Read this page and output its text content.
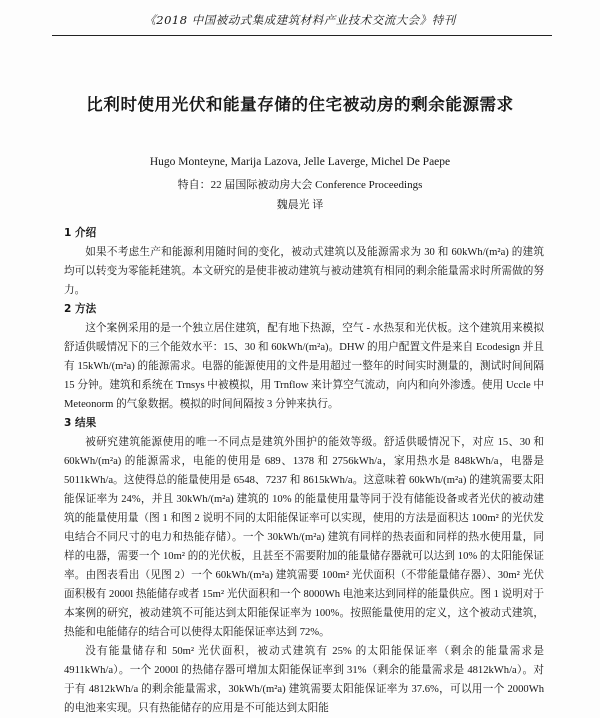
《2018 中国被动式集成建筑材料产业技术交流大会》特刊
比利时使用光伏和能量存储的住宅被动房的剩余能源需求
Hugo Monteyne, Marija Lazova, Jelle Laverge, Michel De Paepe
特自：22 届国际被动房大会 Conference Proceedings
魏晨光 译

1 介绍

如果不考虑生产和能源利用随时间的变化，被动式建筑以及能源需求为 30 和 60kWh/(m²a) 的建筑均可以转变为零能耗建筑。本文研究的是使非被动建筑与被动建筑有相同的剩余能量需求时所需做的努力。

2 方法

这个案例采用的是一个独立居住建筑，配有地下热源，空气 - 水热泵和光伏板。这个建筑用来模拟舒适供暖情况下的三个能效水平：15、30 和 60kWh/(m²a)。DHW 的用户配置文件是来自 Ecodesign 并且有 15kWh/(m²a) 的能源需求。电器的能源使用的文件是用超过一整年的时间实时测量的，测试时间间隔 15 分钟。建筑和系统在 Trnsys 中被模拟，用 Trnflow 来计算空气流动，向内和向外渗透。使用 Uccle 中 Meteonorm 的气象数据。模拟的时间间隔按 3 分钟来执行。

3 结果

被研究建筑能源使用的唯一不同点是建筑外围护的能效等级。舒适供暖情况下，对应 15、30 和 60kWh/(m²a) 的能源需求，电能的使用是 689、1378 和 2756kWh/a，家用热水是 848kWh/a，电器是 5011kWh/a。这使得总的能量使用是 6548、7237 和 8615kWh/a。这意味着 60kWh/(m²a) 的建筑需要太阳能保证率为 24%，并且 30kWh/(m²a) 建筑的 10% 的能量使用量等同于没有储能设备或者光伏的被动建筑的能量使用量（图 1 和图 2 说明不同的太阳能保证率可以实现，使用的方法是面积达 100m² 的光伏发电结合不同尺寸的电力和热能存储）。一个 30kWh/(m²a) 建筑有同样的热表面和同样的热水使用量，同样的电器，需要一个 10m² 的的光伏板，且甚至不需要附加的能量储存器就可以达到 10% 的太阳能保证率。由图表看出（见图 2）一个 60kWh/(m²a) 建筑需要 100m² 光伏面积（不带能量储存器）、30m² 光伏面积极有 2000l 热能储存或者 15m² 光伏面积和一个 8000Wh 电池来达到同样的能量供应。图 1 说明对于本案例的研究，被动建筑不可能达到太阳能保证率为 100%。按照能量使用的定义，这个被动式建筑，热能和电能储存的结合可以使得太阳能保证率达到 72%。

没有能量储存和 50m² 光伏面积，被动式建筑有 25% 的太阳能保证率（剩余的能量需求是 4911kWh/a）。一个 2000l 的热储存器可增加太阳能保证率到 31%（剩余的能量需求是 4812kWh/a）。对于有 4812kWh/a 的剩余能量需求，30kWh/(m²a) 建筑需要太阳能保证率为 37.6%，可以用一个 2000Wh 的电池来实现。只有热能储存的应用是不可能达到太阳能
